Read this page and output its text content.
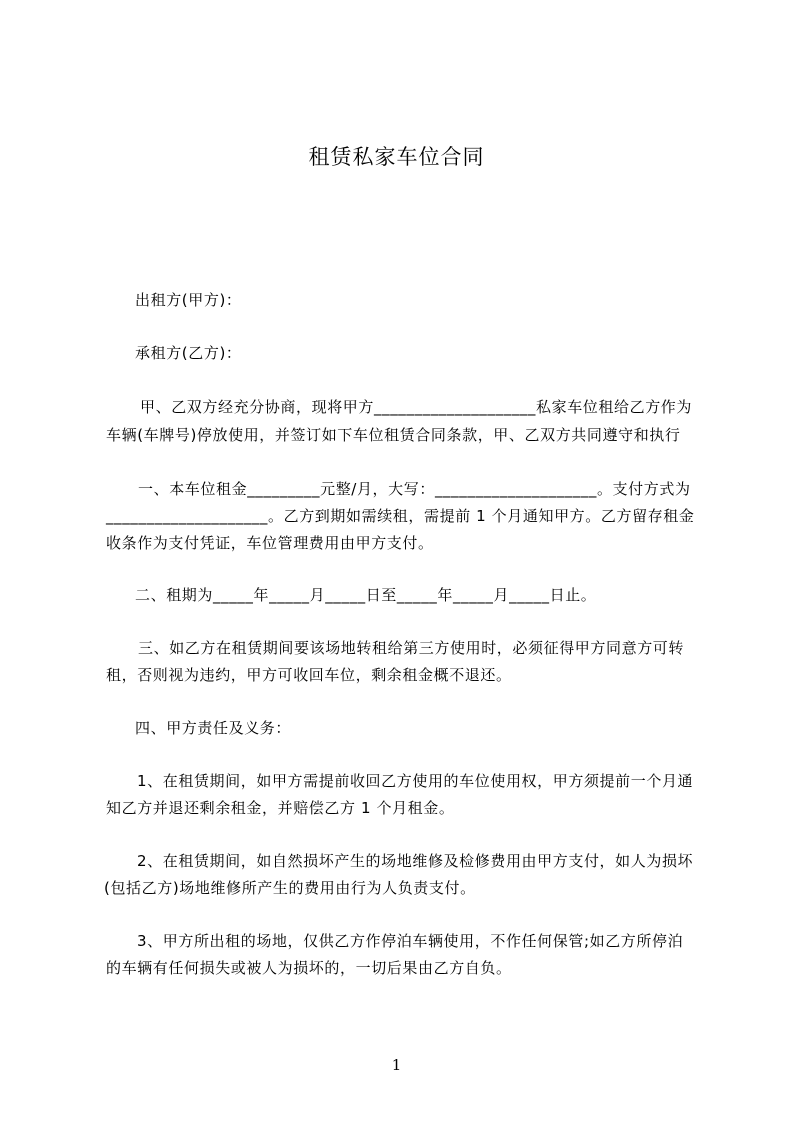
租赁私家车位合同
出租方(甲方)：
承租方(乙方)：
甲、乙双方经充分协商，现将甲方____________________私家车位租给乙方作为
车辆(车牌号)停放使用，并签订如下车位租赁合同条款，甲、乙双方共同遵守和执行
一、本车位租金_________元整/月，大写：____________________。支付方式为
____________________。乙方到期如需续租，需提前 1 个月通知甲方。乙方留存租金
收条作为支付凭证，车位管理费用由甲方支付。
二、租期为_____年_____月_____日至_____年_____月_____日止。
三、如乙方在租赁期间要该场地转租给第三方使用时，必须征得甲方同意方可转
租，否则视为违约，甲方可收回车位，剩余租金概不退还。
四、甲方责任及义务：
1、在租赁期间，如甲方需提前收回乙方使用的车位使用权，甲方须提前一个月通
知乙方并退还剩余租金，并赔偿乙方 1 个月租金。
2、在租赁期间，如自然损坏产生的场地维修及检修费用由甲方支付，如人为损坏
(包括乙方)场地维修所产生的费用由行为人负责支付。
3、甲方所出租的场地，仅供乙方作停泊车辆使用，不作任何保管;如乙方所停泊
的车辆有任何损失或被人为损坏的，一切后果由乙方自负。
1
